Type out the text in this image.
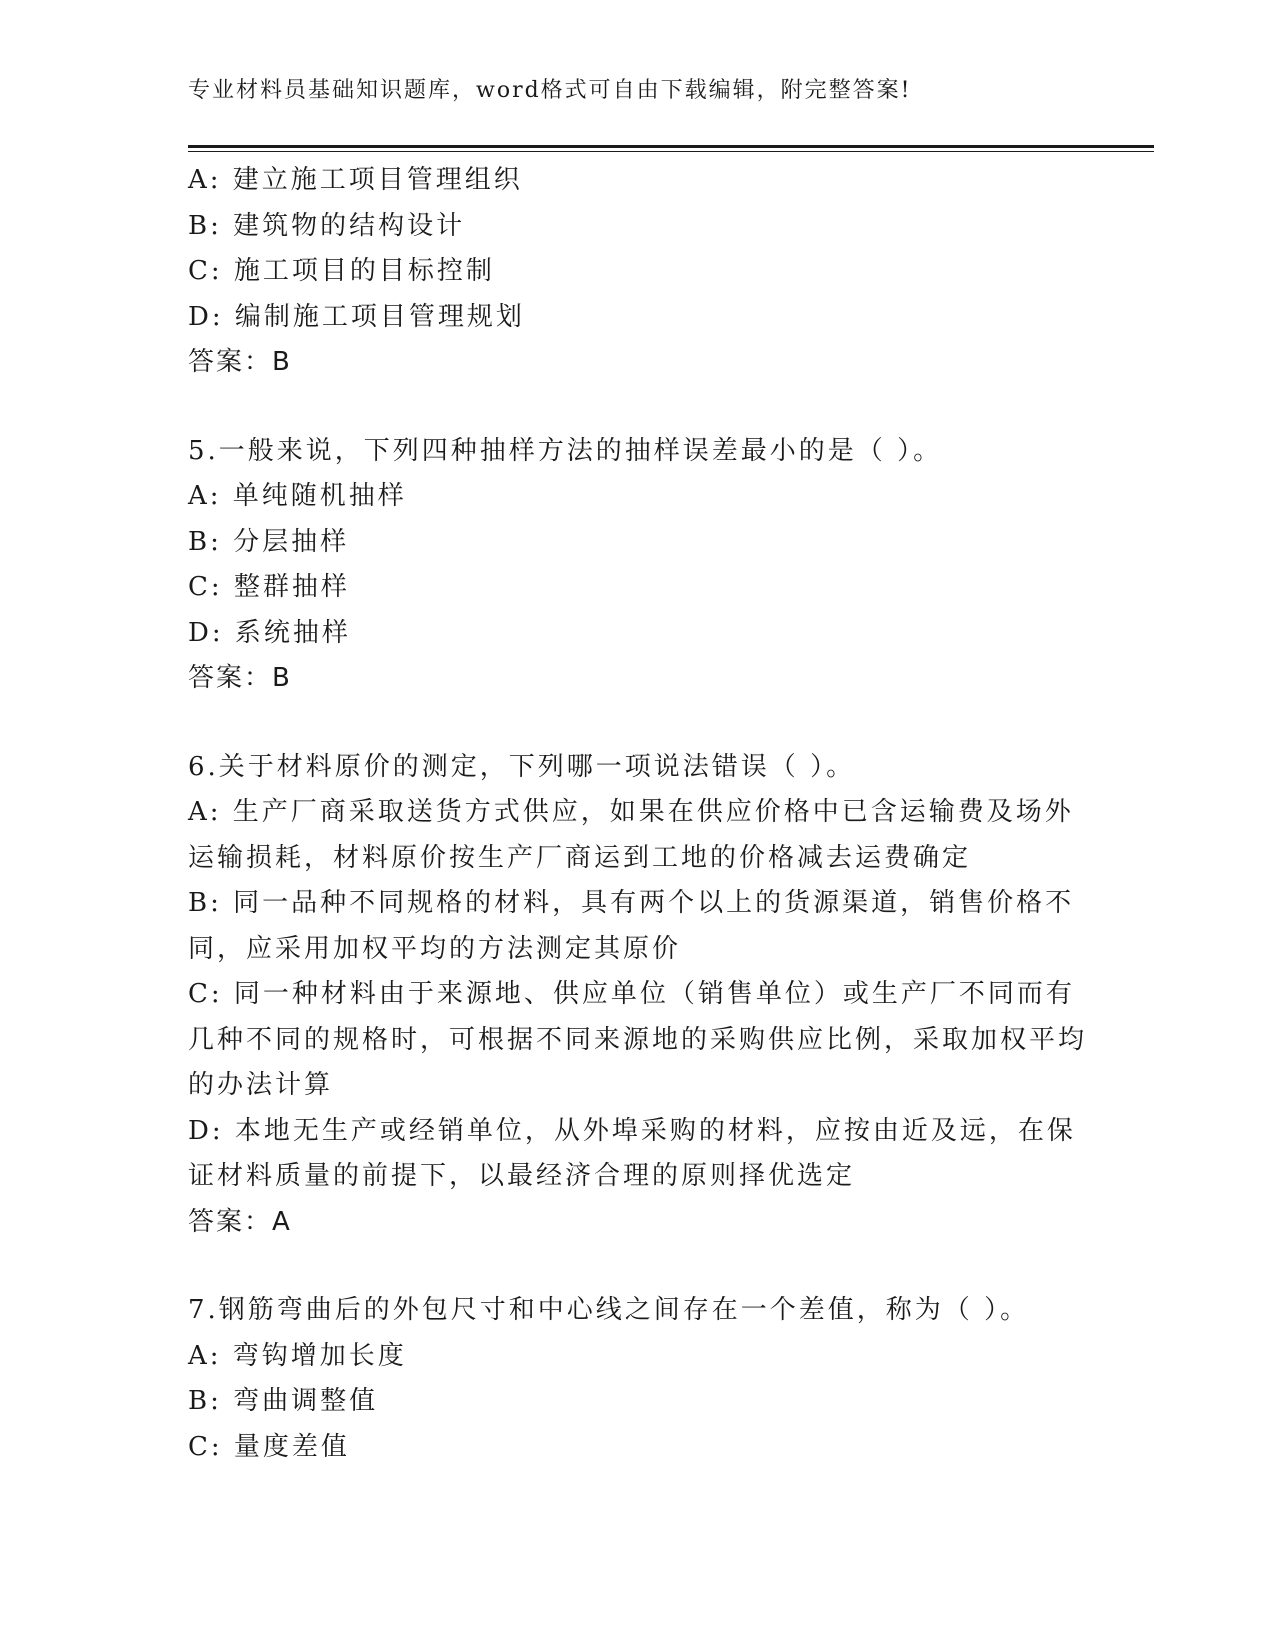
专业材料员基础知识题库，word格式可自由下载编辑，附完整答案!
A: 建立施工项目管理组织
B: 建筑物的结构设计
C: 施工项目的目标控制
D: 编制施工项目管理规划
答案：B
5.一般来说，下列四种抽样方法的抽样误差最小的是（ ）。
A: 单纯随机抽样
B: 分层抽样
C: 整群抽样
D: 系统抽样
答案：B
6.关于材料原价的测定，下列哪一项说法错误（ ）。
A: 生产厂商采取送货方式供应，如果在供应价格中已含运输费及场外运输损耗，材料原价按生产厂商运到工地的价格减去运费确定
B: 同一品种不同规格的材料，具有两个以上的货源渠道，销售价格不同，应采用加权平均的方法测定其原价
C: 同一种材料由于来源地、供应单位（销售单位）或生产厂不同而有几种不同的规格时，可根据不同来源地的采购供应比例，采取加权平均的办法计算
D: 本地无生产或经销单位，从外埠采购的材料，应按由近及远，在保证材料质量的前提下，以最经济合理的原则择优选定
答案：A
7.钢筋弯曲后的外包尺寸和中心线之间存在一个差值，称为（ ）。
A: 弯钩增加长度
B: 弯曲调整值
C: 量度差值
